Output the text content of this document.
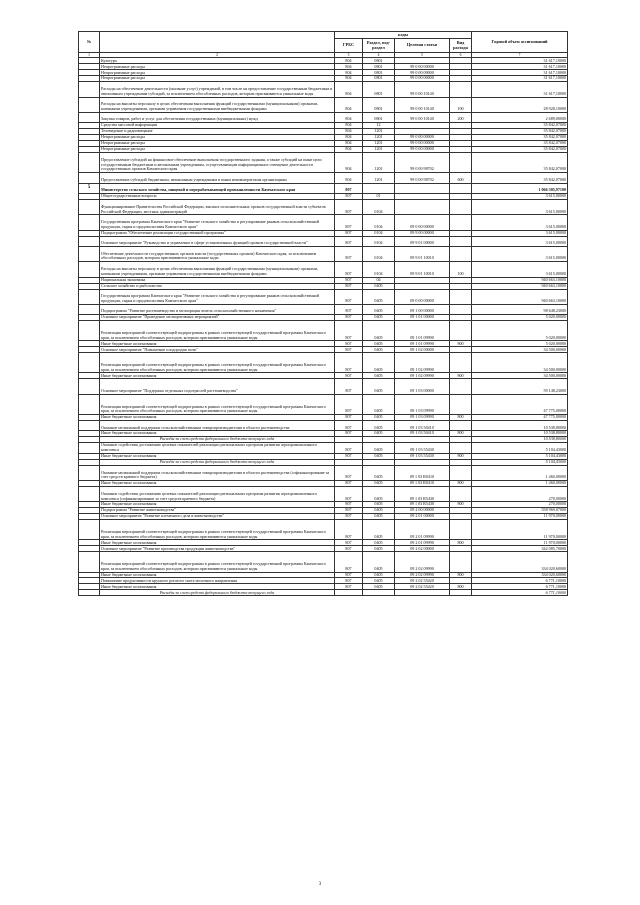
№		коды				Годовой объем ассигнований
		ГРБС	Раздел, под-раздел	Целевая статья	Вид расхода	
1	2	3	4	5	6	7
	Культура	804	0801			31 617,10000
	Непрограммные расходы	804	0801	99 0 00 00000		31 617,10000
	Непрограммные расходы	804	0801	99 0 00 00000		31 617,10000
	Непрограммные расходы	804	0801	99 0 00 00000		31 617,10000
	Расходы на обеспечение деятельности (оказание услуг) учреждений, в том числе на предоставление государственным бюджетным и автономным учреждениям субсидий, за исключением обособленных расходов, которым присваиваются уникальные коды	804	0801	99 0 00 10140		31 617,10000
	Расходы на выплаты персоналу в целях обеспечения выполнения функций государственными (муниципальными) органами, казенными учреждениями, органами управления государственными внебюджетными фондами	804	0801	99 0 00 10140	100	28 928,10000
	Закупка товаров, работ и услуг для обеспечения государственных (муниципальных) нужд	804	0801	99 0 00 10140	200	2 689,00000
	Средства массовой информации	804	12			35 842,07000
	Телевидение и радиовещание	804	1201			35 842,07000
	Непрограммные расходы	804	1201	99 0 00 00000		35 842,07000
	Непрограммные расходы	804	1201	99 0 00 00000		35 842,07000
	Непрограммные расходы	804	1201	99 0 00 00000		35 842,07000
	Предоставление субсидий на финансовое обеспечение выполнения государственного задания, а также субсидий на иные цели государственным бюджетным и автономным учреждениям, осуществляющим информационное освещение деятельности государственных органов Камчатского края	804	1201	99 0 00 98702		35 842,07000
	Предоставление субсидий бюджетным, автономным учреждениям и иным некоммерческим организациям	804	1201	99 0 00 98702	600	35 842,07000
5	Министерство сельского хозяйства, пищевой и перерабатывающей промышленности Камчатского края	807				1 066 305,97100
	Общегосударственные вопросы	807	01			3 615,00000
	Функционирование Правительства Российской Федерации, высших исполнительных органов государственной власти субъектов Российской Федерации, местных администраций	807	0104			3 615,00000
	Государственная программа Камчатского края "Развитие сельского хозяйства и регулирование рынков сельскохозяйственной продукции, сырья и продовольствия Камчатского края"	807	0104	09 0 00 00000		3 615,00000
	Подпрограмма "Обеспечение реализации государственной программы"	807	0104	09 9 00 00000		3 615,00000
	Основное мероприятие "Руководство и управление в сфере установленных функций органов государственной власти"	807	0104	09 9 01 00000		3 615,00000
	Обеспечение деятельности государственных органов власти (государственных органов) Камчатского края, за исключением обособленных расходов, которым присваиваются уникальные коды	807	0104	09 9 01 10010		3 615,00000
	Расходы на выплаты персоналу в целях обеспечения выполнения функций государственными (муниципальными) органами, казенными учреждениями, органами управления государственными внебюджетными фондами	807	0104	09 9 01 10010	100	3 615,00000
	Национальная экономика	807	04			940 663,10000
	Сельское хозяйство и рыболовство	807	0405			940 663,10000
	Государственная программа Камчатского края "Развитие сельского хозяйства и регулирование рынков сельскохозяйственной продукции, сырья и продовольствия Камчатского края"	807	0405	09 0 00 00000		940 663,10000
	Подпрограмма "Развитие растениеводства и мелиорация земель сельскохозяйственного назначения"	807	0405	09 1 00 00000		98 648,23000
	Основное мероприятие "Проведение мелиоративных мероприятий"	807	0405	09 1 01 00000		5 020,00000
	Реализация мероприятий соответствующей подпрограммы в рамках соответствующей государственной программы Камчатского края, за исключением обособленных расходов, которым присваиваются уникальные коды	807	0405	09 1 01 09990		5 020,00000
	Иные бюджетные ассигнования	807	0405	09 1 01 09990	800	5 020,00000
	Основное мероприятие "Повышение плодородия почв"	807	0405	09 1 02 00000		34 500,00000
	Реализация мероприятий соответствующей подпрограммы в рамках соответствующей государственной программы Камчатского края, за исключением обособленных расходов, которым присваиваются уникальные коды	807	0405	09 1 02 09990		34 500,00000
	Иные бюджетные ассигнования	807	0405	09 1 02 09990	800	34 500,00000
	Основное мероприятие "Поддержка отдельных подотраслей растениеводства"	807	0405	09 1 03 00000		59 148,23000
	Реализация мероприятий соответствующей подпрограммы в рамках соответствующей государственной программы Камчатского края, за исключением обособленных расходов, которым присваиваются уникальные коды	807	0405	09 1 03 09990		47 775,00000
	Иные бюджетные ассигнования	807	0405	09 1 03 09990	800	47 775,00000
	Оказание несвязанной поддержки сельскохозяйственным товаропроизводителям в области растениеводства	807	0405	09 1 03 50410		10 538,80000
	Иные бюджетные ассигнования	807	0405	09 1 03 50410	800	10 538,80000
	Расходы за счет средств федерального бюджета текущего года					10 538,80000
	Оказание содействия достижению целевых показателей реализации региональных программ развития агропромышленного комплекса	807	0405	09 1 03 55430		5 104,43000
	Иные бюджетные ассигнования	807	0405	09 1 03 55430	800	5 104,43000
	Расходы за счет средств федерального бюджета текущего года					5 104,43000
	Оказание несвязанной поддержки сельскохозяйственным товаропроизводителям в области растениеводства (софинансирование за счет средств краевого бюджета)	807	0405	09 1 03 R0410		1 460,00000
	Иные бюджетные ассигнования	807	0405	09 1 03 R0410	800	1 460,00000
	Оказание содействия достижению целевых показателей реализации региональных программ развития агропромышленного комплекса (софинансирование за счет средств краевого бюджета)	807	0405	09 1 03 R5430		270,00000
	Иные бюджетные ассигнования	807	0405	09 1 03 R5430	800	270,00000
	Подпрограмма "Развитие животноводства"	807	0405	09 2 00 00000		558 969,07000
	Основное мероприятие "Развитие племенного дела в животноводстве"	807	0405	09 2 01 00000		11 970,00000
	Реализация мероприятий соответствующей подпрограммы в рамках соответствующей государственной программы Камчатского края, за исключением обособленных расходов, которым присваиваются уникальные коды	807	0405	09 2 01 09990		11 970,00000
	Иные бюджетные ассигнования	807	0405	09 2 01 09990	800	11 970,00000
	Основное мероприятие "Развитие производства продукции животноводства"	807	0405	09 2 02 00000		342 085,70000
	Реализация мероприятий соответствующей подпрограммы в рамках соответствующей государственной программы Камчатского края, за исключением обособленных расходов, которым присваиваются уникальные коды	807	0405	09 2 02 09990		334 020,60000
	Иные бюджетные ассигнования	807	0405	09 2 02 09990	800	334 020,60000
	Повышение продуктивности крупного рогатого скота молочного направления	807	0405	09 2 02 55420		6 771,10000
	Иные бюджетные ассигнования	807	0405	09 2 02 55420	800	6 771,10000
	Расходы за счет средств федерального бюджета текущего года					6 771,10000
3
